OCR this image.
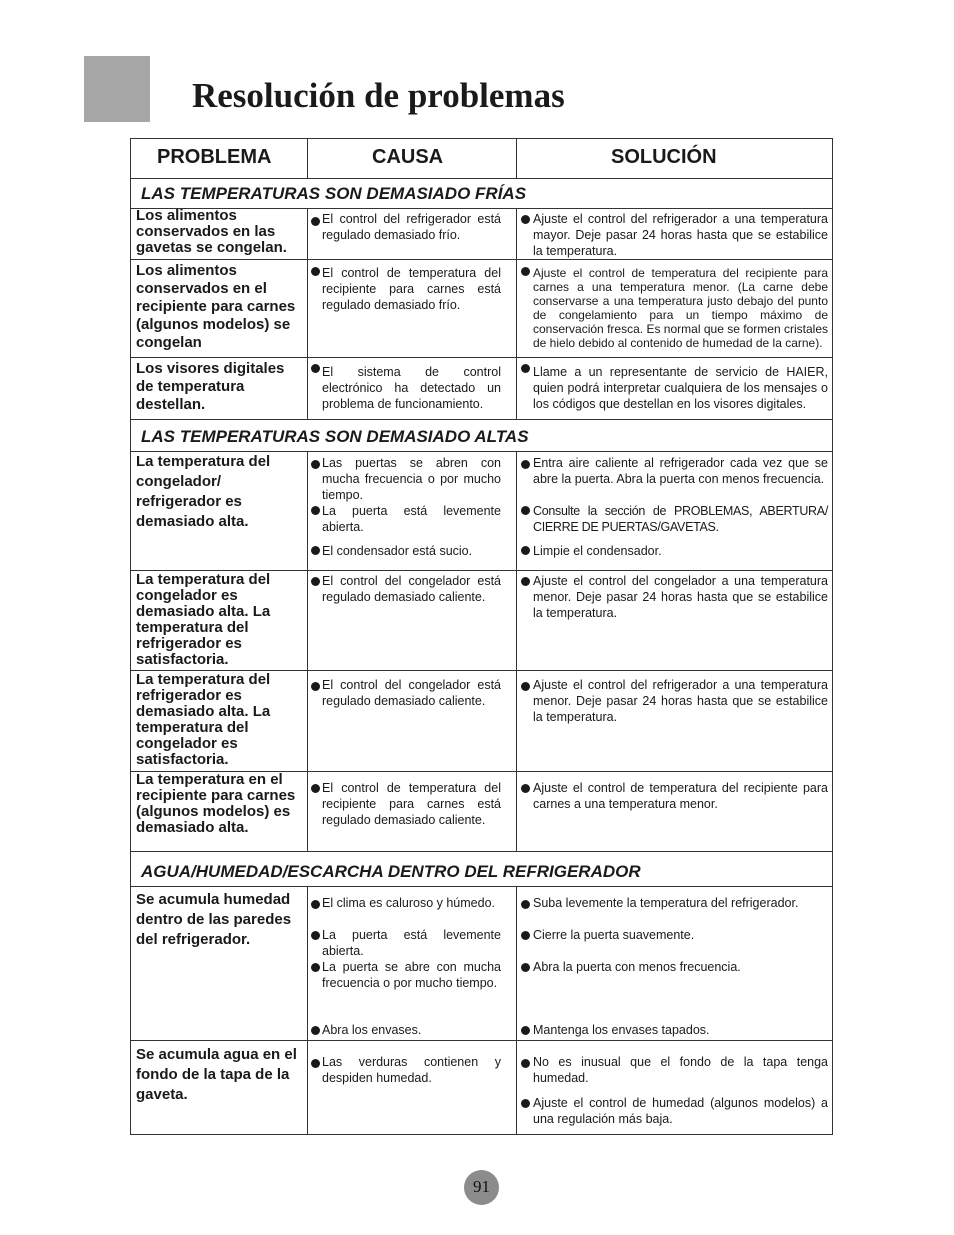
Resolución de problemas
PROBLEMA	CAUSA	SOLUCIÓN
LAS TEMPERATURAS SON DEMASIADO FRÍAS
LAS TEMPERATURAS SON DEMASIADO ALTAS
AGUA/HUMEDAD/ESCARCHA DENTRO DEL REFRIGERADOR
Los alimentos conservados en las gavetas se congelan.
El control del refrigerador está regulado demasiado frío.
Ajuste el control del refrigerador a una temperatura mayor. Deje pasar 24 horas hasta que se estabilice la temperatura.
Los alimentos conservados en el recipiente para carnes (algunos modelos) se congelan
El control de temperatura del recipiente para carnes está regulado demasiado frío.
Ajuste el control de temperatura del recipiente para carnes a una temperatura menor. (La carne debe conservarse a una temperatura justo debajo del punto de congelamiento para un tiempo máximo de conservación fresca. Es normal que se formen cristales de hielo debido al contenido de humedad de la carne).
Los visores digitales de temperatura destellan.
El sistema de control electrónico ha detectado un problema de funcionamiento.
Llame a un representante de servicio de HAIER, quien podrá interpretar cualquiera de los mensajes o los códigos que destellan en los visores digitales.
La temperatura del congelador/ refrigerador es demasiado alta.
Las puertas se abren con mucha frecuencia o por mucho tiempo.
La puerta está levemente abierta.
El condensador está sucio.
Entra aire caliente al refrigerador cada vez que se abre la puerta. Abra la puerta con menos frecuencia.
Consulte la sección de PROBLEMAS, ABERTURA/ CIERRE DE PUERTAS/GAVETAS.
Limpie el condensador.
La temperatura del congelador es demasiado alta. La temperatura del refrigerador es satisfactoria.
El control del congelador está regulado demasiado caliente.
Ajuste el control del congelador a una temperatura menor. Deje pasar 24 horas hasta que se estabilice la temperatura.
La temperatura del refrigerador es demasiado alta. La temperatura del congelador es satisfactoria.
El control del congelador está regulado demasiado caliente.
Ajuste el control del refrigerador a una temperatura menor. Deje pasar 24 horas hasta que se estabilice la temperatura.
La temperatura en el recipiente para carnes (algunos modelos) es demasiado alta.
El control de temperatura del recipiente para carnes está regulado demasiado caliente.
Ajuste el control de temperatura del recipiente para carnes a una temperatura menor.
Se acumula humedad dentro de las paredes del refrigerador.
El clima es caluroso y húmedo.
La puerta está levemente abierta.
La puerta se abre con mucha frecuencia o por mucho tiempo.
Abra los envases.
Suba levemente la temperatura del refrigerador.
Cierre la puerta suavemente.
Abra la puerta con menos frecuencia.
Mantenga los envases tapados.
Se acumula agua en el fondo de la tapa de la gaveta.
Las verduras contienen y despiden humedad.
No es inusual que el fondo de la tapa tenga humedad.
Ajuste el control de humedad (algunos modelos) a una regulación más baja.
91
